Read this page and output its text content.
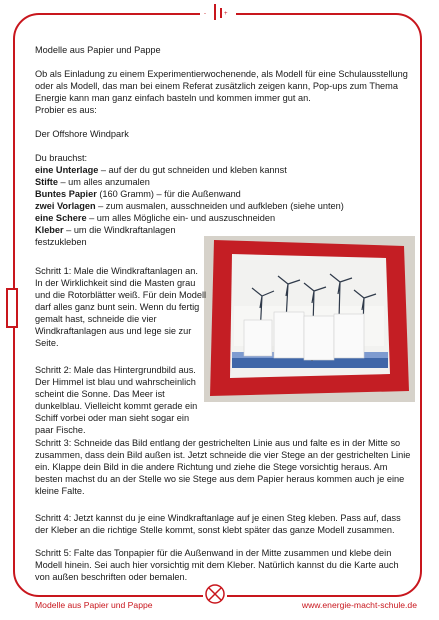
-	+

Modelle aus Papier und Pappe

Ob als Einladung zu einem Experimentierwochenende, als Modell für eine Schulausstellung oder als Modell, das man bei einem Referat zusätzlich zeigen kann, Pop-ups zum Thema Energie kann man ganz einfach basteln und kommen immer gut an.

Probier es aus:

Der Offshore Windpark

Du brauchst:

eine Unterlage – auf der du gut schneiden und kleben kannst

Stifte – um alles anzumalen

Buntes Papier (160 Gramm) – für die Außenwand

zwei Vorlagen – zum ausmalen, ausschneiden und aufkleben (siehe unten)

eine Schere – um alles Mögliche ein- und auszuschneiden

Kleber – um die Windkraftanlagen festzukleben

Schritt 1: Male die Windkraftanlagen an. In der Wirklichkeit sind die Masten grau und die Rotorblätter weiß. Für dein Modell darf alles ganz bunt sein. Wenn du fertig gemalt hast, schneide die vier Windkraftanlagen aus und lege sie zur Seite.
Schritt 2: Male das Hintergrundbild aus. Der Himmel ist blau und wahrscheinlich scheint die Sonne. Das Meer ist dunkelblau. Vielleicht kommt gerade ein Schiff vorbei oder man sieht sogar ein paar Fische.
Schritt 3: Schneide das Bild entlang der gestrichelten Linie aus und falte es in der Mitte so zusammen, dass dein Bild außen ist. Jetzt schneide die vier Stege an der gestrichelten Linie ein. Klappe dein Bild in die andere Richtung und ziehe die Stege vorsichtig heraus. Am besten machst du an der Stelle wo sie Stege aus dem Papier heraus kommen auch je eine kleine Falte.
Schritt 4: Jetzt kannst du je eine Windkraftanlage auf je einen Steg kleben. Pass auf, dass der Kleber an die richtige Stelle kommt, sonst klebt später das ganze Modell zusammen.
Schritt 5: Falte das Tonpapier für die Außenwand in der Mitte zusammen und klebe dein Modell hinein. Sei auch hier vorsichtig mit dem Kleber. Natürlich kannst du die Karte auch von außen beschriften oder bemalen.
Modelle aus Papier und Pappe	www.energie-macht-schule.de
